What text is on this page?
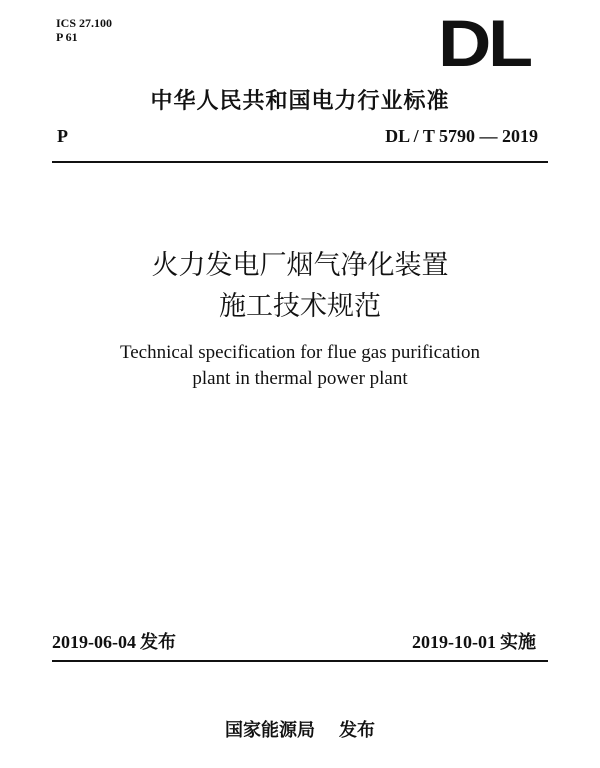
ICS 27.100
P 61	DL
中华人民共和国电力行业标准
P	DL / T 5790 — 2019
火力发电厂烟气净化装置
施工技术规范
Technical specification for flue gas purification
plant in thermal power plant
2019-06-04 发布	2019-10-01 实施
国家能源局 发布
